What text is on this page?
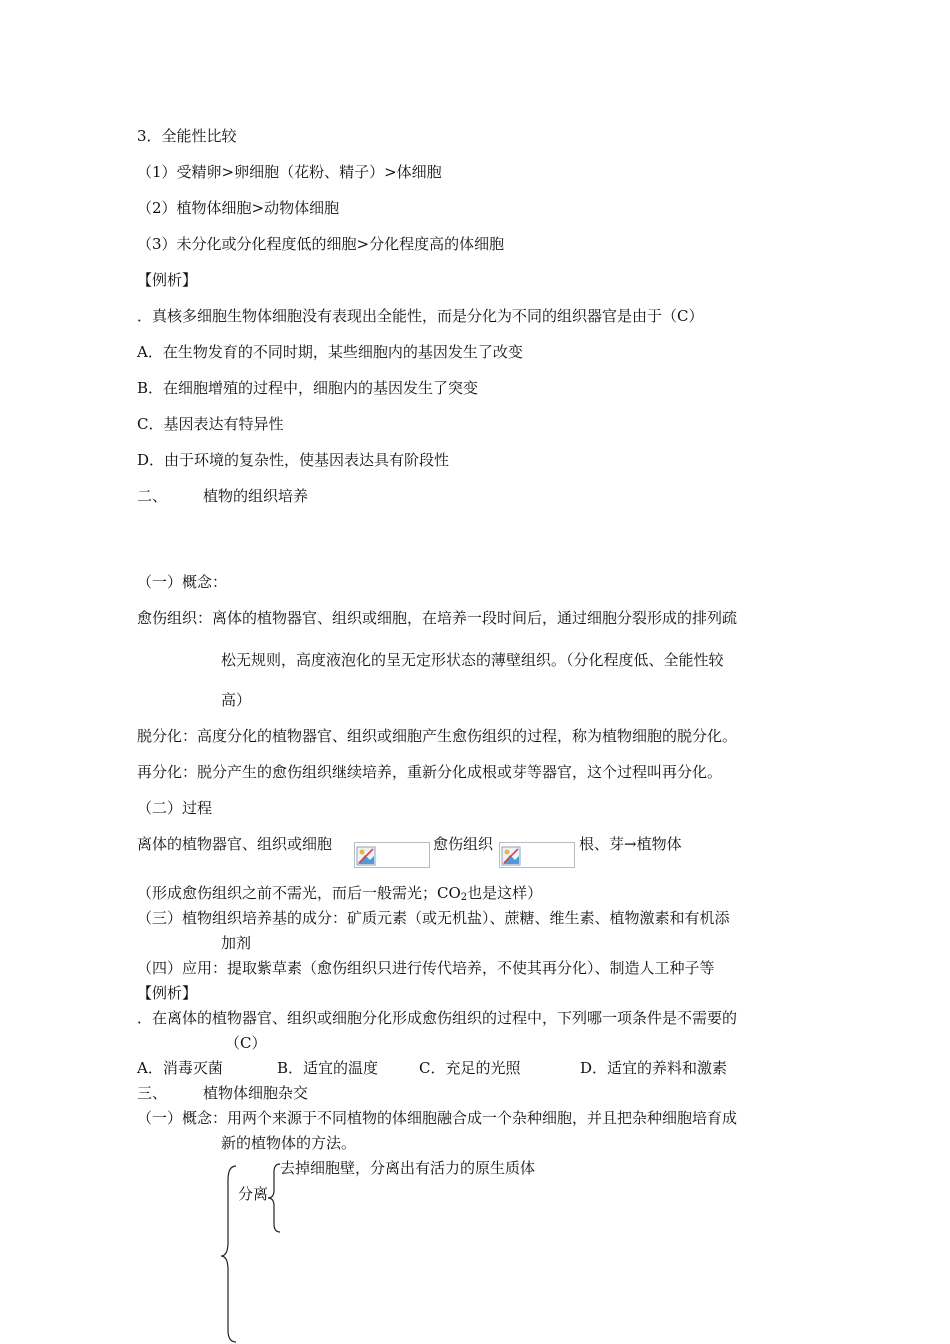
3．全能性比较
（1）受精卵>卵细胞（花粉、精子）>体细胞
（2）植物体细胞>动物体细胞
（3）未分化或分化程度低的细胞>分化程度高的体细胞
【例析】
．真核多细胞生物体细胞没有表现出全能性，而是分化为不同的组织器官是由于（C）
A．在生物发育的不同时期，某些细胞内的基因发生了改变
B．在细胞增殖的过程中，细胞内的基因发生了突变
C．基因表达有特异性
D．由于环境的复杂性，使基因表达具有阶段性
二、 植物的组织培养
（一）概念：
愈伤组织：离体的植物器官、组织或细胞，在培养一段时间后，通过细胞分裂形成的排列疏
松无规则，高度液泡化的呈无定形状态的薄壁组织。（分化程度低、全能性较
高）
脱分化：高度分化的植物器官、组织或细胞产生愈伤组织的过程，称为植物细胞的脱分化。
再分化：脱分产生的愈伤组织继续培养，重新分化成根或芽等器官，这个过程叫再分化。
（二）过程
离体的植物器官、组织或细胞	愈伤组织	根、芽→植物体
（形成愈伤组织之前不需光，而后一般需光；CO2也是这样）
（三）植物组织培养基的成分：矿质元素（或无机盐）、蔗糖、维生素、植物激素和有机添
加剂
（四）应用：提取紫草素（愈伤组织只进行传代培养，不使其再分化）、制造人工种子等
【例析】
．在离体的植物器官、组织或细胞分化形成愈伤组织的过程中，下列哪一项条件是不需要的
（C）
A．消毒灭菌	B．适宜的温度	C．充足的光照	D．适宜的养料和激素
三、 植物体细胞杂交
（一）概念：用两个来源于不同植物的体细胞融合成一个杂种细胞，并且把杂种细胞培育成
新的植物体的方法。
去掉细胞壁，分离出有活力的原生质体
分离
